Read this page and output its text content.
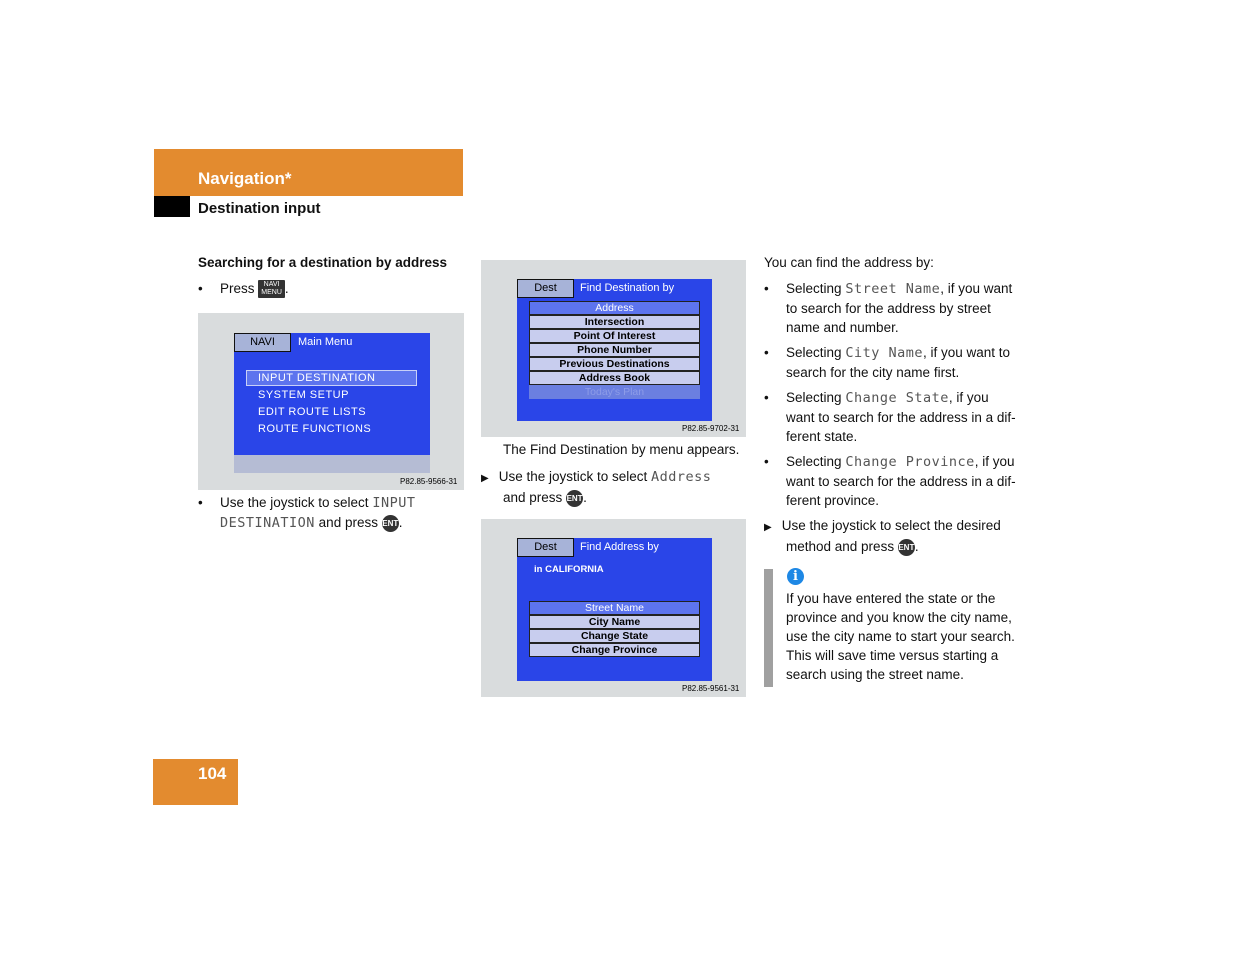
Navigation*
Destination input
Searching for a destination by address
• Press NAVI
MENU .
NAVI	Main Menu
INPUT DESTINATION
SYSTEM SETUP
EDIT ROUTE LISTS
ROUTE FUNCTIONS
P82.85-9566-31
• Use the joystick to select INPUT
DESTINATION and press ENT.
Dest	Find Destination by
Address
Intersection
Point Of Interest
Phone Number
Previous Destinations
Address Book
Today's Plan
P82.85-9702-31
The Find Destination by menu appears.
▶ Use the joystick to select Address
and press ENT.
Dest	Find Address by
in CALIFORNIA
Street Name
City Name
Change State
Change Province
P82.85-9561-31
You can find the address by:
• Selecting Street Name, if you want
to search for the address by street
name and number.
• Selecting City Name, if you want to
search for the city name first.
• Selecting Change State, if you
want to search for the address in a dif-
ferent state.
• Selecting Change Province, if you
want to search for the address in a dif-
ferent province.
▶ Use the joystick to select the desired
method and press ENT.
i
If you have entered the state or the
province and you know the city name,
use the city name to start your search.
This will save time versus starting a
search using the street name.
104
